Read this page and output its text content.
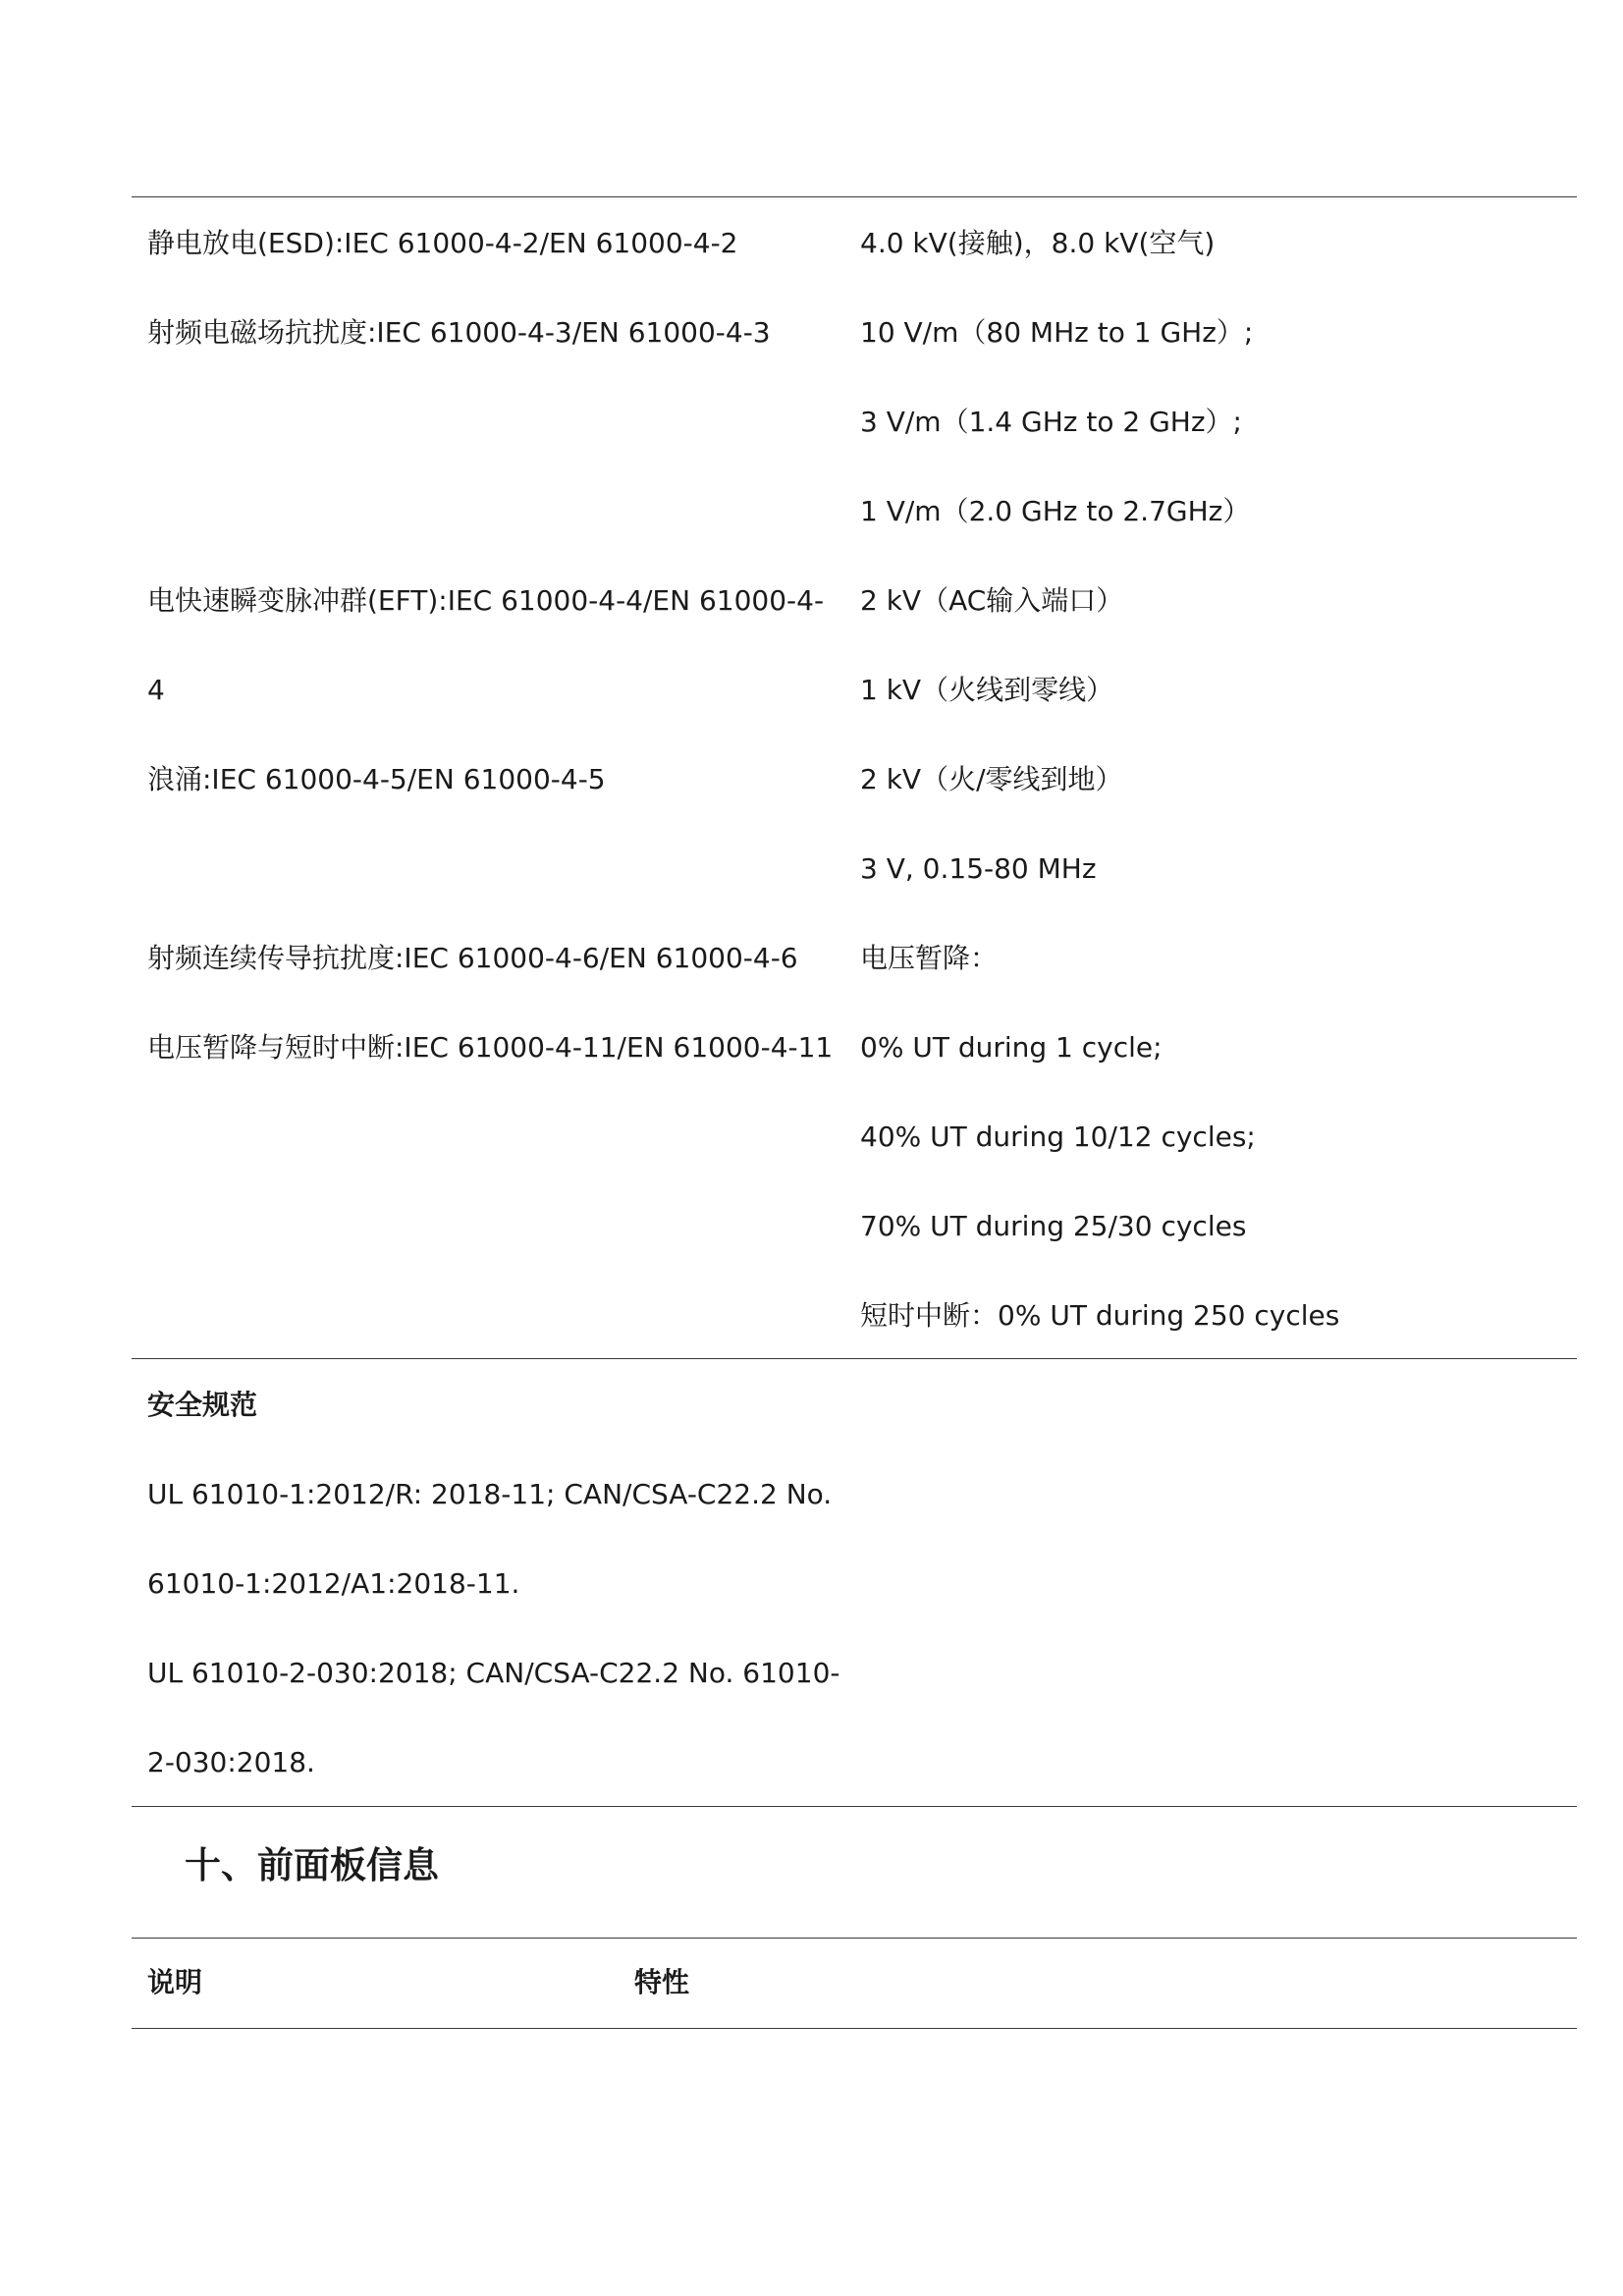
静电放电(ESD):IEC 61000-4-2/EN 61000-4-2
射频电磁场抗扰度:IEC 61000-4-3/EN 61000-4-3
电快速瞬变脉冲群(EFT):IEC 61000-4-4/EN 61000-4-
4
浪涌:IEC 61000-4-5/EN 61000-4-5
射频连续传导抗扰度:IEC 61000-4-6/EN 61000-4-6
电压暂降与短时中断:IEC 61000-4-11/EN 61000-4-11
4.0 kV(接触)，8.0 kV(空气)
10 V/m（80 MHz to 1 GHz）;
3 V/m（1.4 GHz to 2 GHz）;
1 V/m（2.0 GHz to 2.7GHz）
2 kV（AC输入端口）
1 kV（火线到零线）
2 kV（火/零线到地）
3 V, 0.15-80 MHz
电压暂降：
0% UT during 1 cycle;
40% UT during 10/12 cycles;
70% UT during 25/30 cycles
短时中断：0% UT during 250 cycles
安全规范
UL 61010-1:2012/R: 2018-11; CAN/CSA-C22.2 No.
61010-1:2012/A1:2018-11.
UL 61010-2-030:2018; CAN/CSA-C22.2 No. 61010-
2-030:2018.
十、前面板信息
说明	特性
